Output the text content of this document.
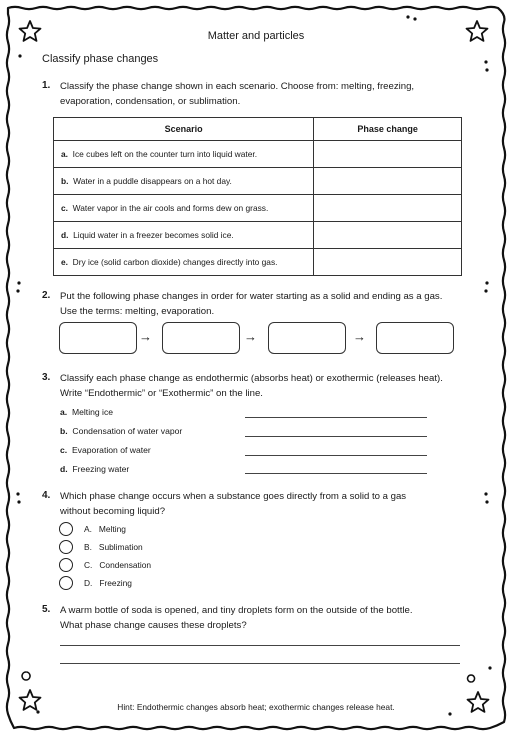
Matter and particles
Classify phase changes
1. Classify the phase change shown in each scenario. Choose from: melting, freezing,
evaporation, condensation, or sublimation.
Scenario	Phase change
a. Ice cubes left on the counter turn into liquid water.	
b. Water in a puddle disappears on a hot day.	
c. Water vapor in the air cools and forms dew on grass.	
d. Liquid water in a freezer becomes solid ice.	
e. Dry ice (solid carbon dioxide) changes directly into gas.	
2. Put the following phase changes in order for water starting as a solid and ending as a gas.
Use the terms: melting, evaporation.
→	→	→
3. Classify each phase change as endothermic (absorbs heat) or exothermic (releases heat).
Write “Endothermic” or “Exothermic” on the line.
a. Melting ice
b. Condensation of water vapor
c. Evaporation of water
d. Freezing water
4. Which phase change occurs when a substance goes directly from a solid to a gas
without becoming liquid?
A. Melting
B. Sublimation
C. Condensation
D. Freezing
5. A warm bottle of soda is opened, and tiny droplets form on the outside of the bottle.
What phase change causes these droplets?
Hint: Endothermic changes absorb heat; exothermic changes release heat.
